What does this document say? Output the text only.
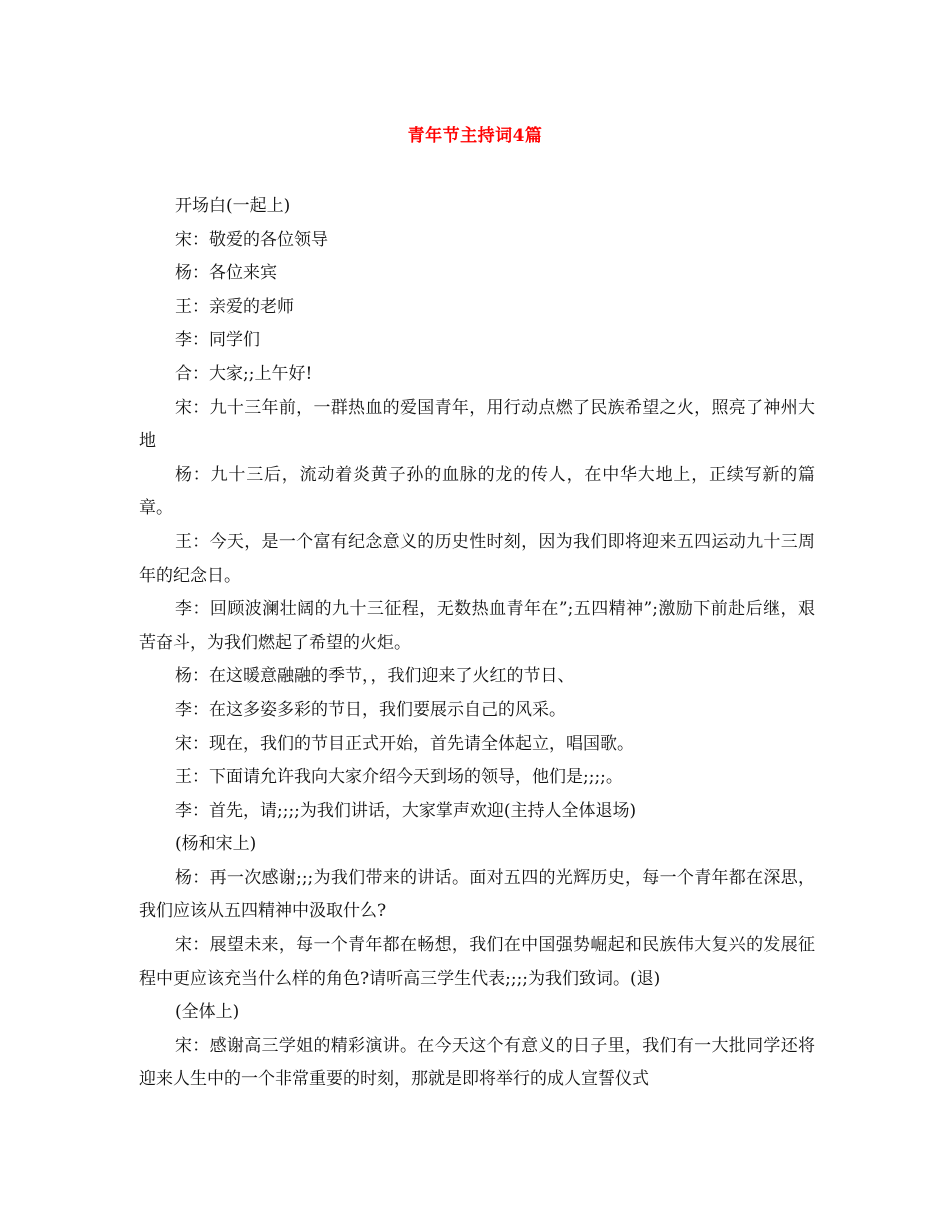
青年节主持词4篇

开场白(一起上)

宋：敬爱的各位领导

杨：各位来宾

王：亲爱的老师

李：同学们

合：大家;;上午好!

宋：九十三年前，一群热血的爱国青年，用行动点燃了民族希望之火，照亮了神州大地

杨：九十三后，流动着炎黄子孙的血脉的龙的传人，在中华大地上，正续写新的篇章。

王：今天，是一个富有纪念意义的历史性时刻，因为我们即将迎来五四运动九十三周年的纪念日。

李：回顾波澜壮阔的九十三征程，无数热血青年在”;五四精神”;激励下前赴后继，艰苦奋斗，为我们燃起了希望的火炬。

杨：在这暖意融融的季节，，我们迎来了火红的节日、

李：在这多姿多彩的节日，我们要展示自己的风采。

宋：现在，我们的节目正式开始，首先请全体起立，唱国歌。

王：下面请允许我向大家介绍今天到场的领导，他们是;;;;。

李：首先，请;;;;为我们讲话，大家掌声欢迎(主持人全体退场)

(杨和宋上)

杨：再一次感谢;;;为我们带来的讲话。面对五四的光辉历史，每一个青年都在深思，我们应该从五四精神中汲取什么?

宋：展望未来，每一个青年都在畅想，我们在中国强势崛起和民族伟大复兴的发展征程中更应该充当什么样的角色?请听高三学生代表;;;;为我们致词。(退)

(全体上)

宋：感谢高三学姐的精彩演讲。在今天这个有意义的日子里，我们有一大批同学还将迎来人生中的一个非常重要的时刻，那就是即将举行的成人宣誓仪式
